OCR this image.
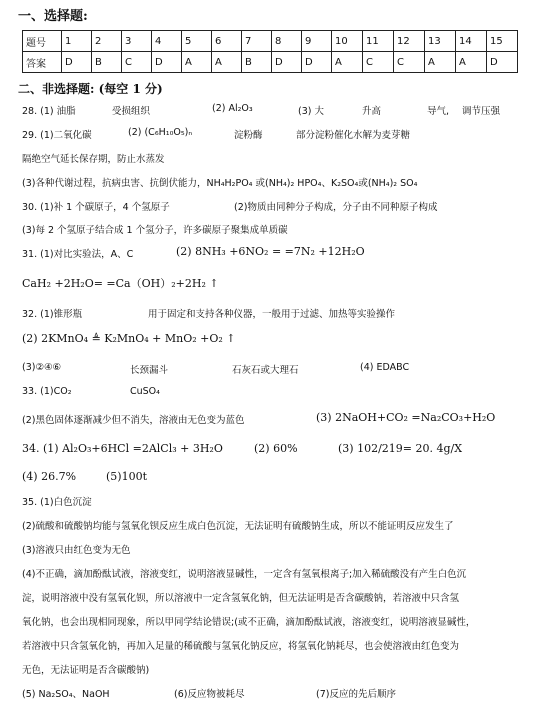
一、选择题:
题号	1	2	3	4	5	6	7	8	9	10	11	12	13	14	15
答案	D	B	C	D	A	A	B	D	D	A	C	C	A	A	D
二、非选择题: (每空 1 分)
28. (1) 油脂	受损组织	(2) Al₂O₃	(3) 大	升高	导气, 调节压强
29. (1)二氧化碳	(2) (C₆H₁₀O₅)ₙ	淀粉酶	部分淀粉催化水解为麦芽糖
隔绝空气延长保存期，防止水蒸发
(3)各种代谢过程，抗病虫害、抗倒伏能力，NH₄H₂PO₄ 或(NH₄)₂ HPO₄、K₂SO₄或(NH₄)₂ SO₄
30. (1)补 1 个碳原子，4 个氢原子	(2)物质由同种分子构成，分子由不同种原子构成
(3)每 2 个氢原子结合成 1 个氢分子，许多碳原子聚集成单质碳
31. (1)对比实验法，A、C	(2) 8NH₃ +6NO₂ = =7N₂ +12H₂O
CaH₂ +2H₂O= =Ca（OH）₂+2H₂ ↑
32. (1)锥形瓶	用于固定和支持各种仪器，一般用于过滤、加热等实验操作
(2) 2KMnO₄ ≜ K₂MnO₄ + MnO₂ +O₂ ↑
(3)②④⑥	长颈漏斗	石灰石或大理石	(4) EDABC
33. (1)CO₂	CuSO₄
(2)黑色固体逐渐减少但不消失，溶液由无色变为蓝色	(3) 2NaOH+CO₂ =Na₂CO₃+H₂O
34. (1) Al₂O₃+6HCl =2AlCl₃ + 3H₂O	(2) 60%	(3) 102/219= 20. 4g/X
(4) 26.7%	(5)100t
35. (1)白色沉淀
(2)硫酸和硫酸钠均能与氢氧化钡反应生成白色沉淀，无法证明有硫酸钠生成，所以不能证明反应发生了
(3)溶液只由红色变为无色
(4)不正确，滴加酚酞试液，溶液变红，说明溶液显碱性，一定含有氢氧根离子;加入稀硫酸没有产生白色沉
淀，说明溶液中没有氢氧化钡，所以溶液中一定含氢氧化钠，但无法证明是否含碳酸钠，若溶液中只含氢
氧化钠，也会出现相同现象，所以甲同学结论错误;(或不正确，滴加酚酞试液，溶液变红，说明溶液显碱性，
若溶液中只含氢氧化钠，再加入足量的稀硫酸与氢氧化钠反应，将氢氧化钠耗尽，也会使溶液由红色变为
无色，无法证明是否含碳酸钠)
(5) Na₂SO₄、NaOH	(6)反应物被耗尽	(7)反应的先后顺序
